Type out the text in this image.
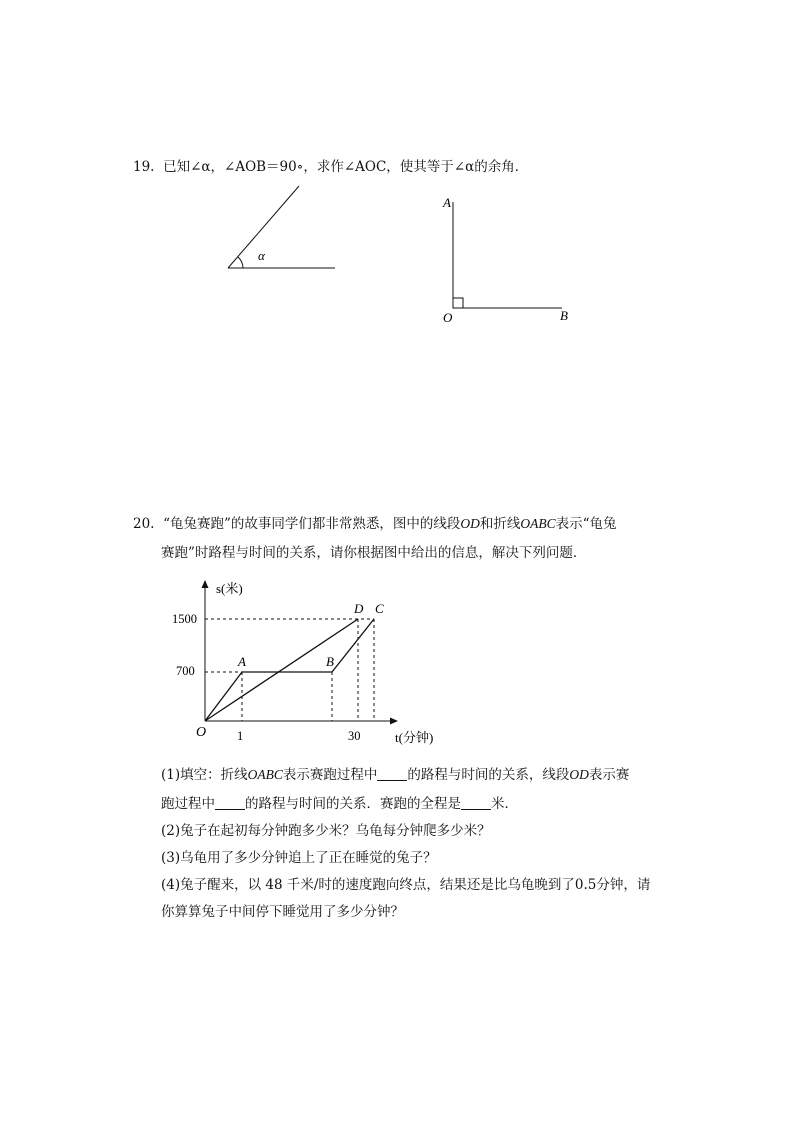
19. 已知∠α，∠AOB＝90∘，求作∠AOC，使其等于∠α的余角．
α
A
O	B
20. “龟兔赛跑”的故事同学们都非常熟悉，图中的线段OD和折线OABC表示“龟兔
赛跑”时路程与时间的关系，请你根据图中给出的信息，解决下列问题．
s(米)
t(分钟)
O
1500
700
1	30
A	B
D C
(1)填空：折线OABC表示赛跑过程中 的路程与时间的关系，线段OD表示赛
跑过程中 的路程与时间的关系．赛跑的全程是 米．
(2)兔子在起初每分钟跑多少米？乌龟每分钟爬多少米？
(3)乌龟用了多少分钟追上了正在睡觉的兔子？
(4)兔子醒来，以 48 千米/时的速度跑向终点，结果还是比乌龟晚到了0.5分钟，请
你算算兔子中间停下睡觉用了多少分钟？
